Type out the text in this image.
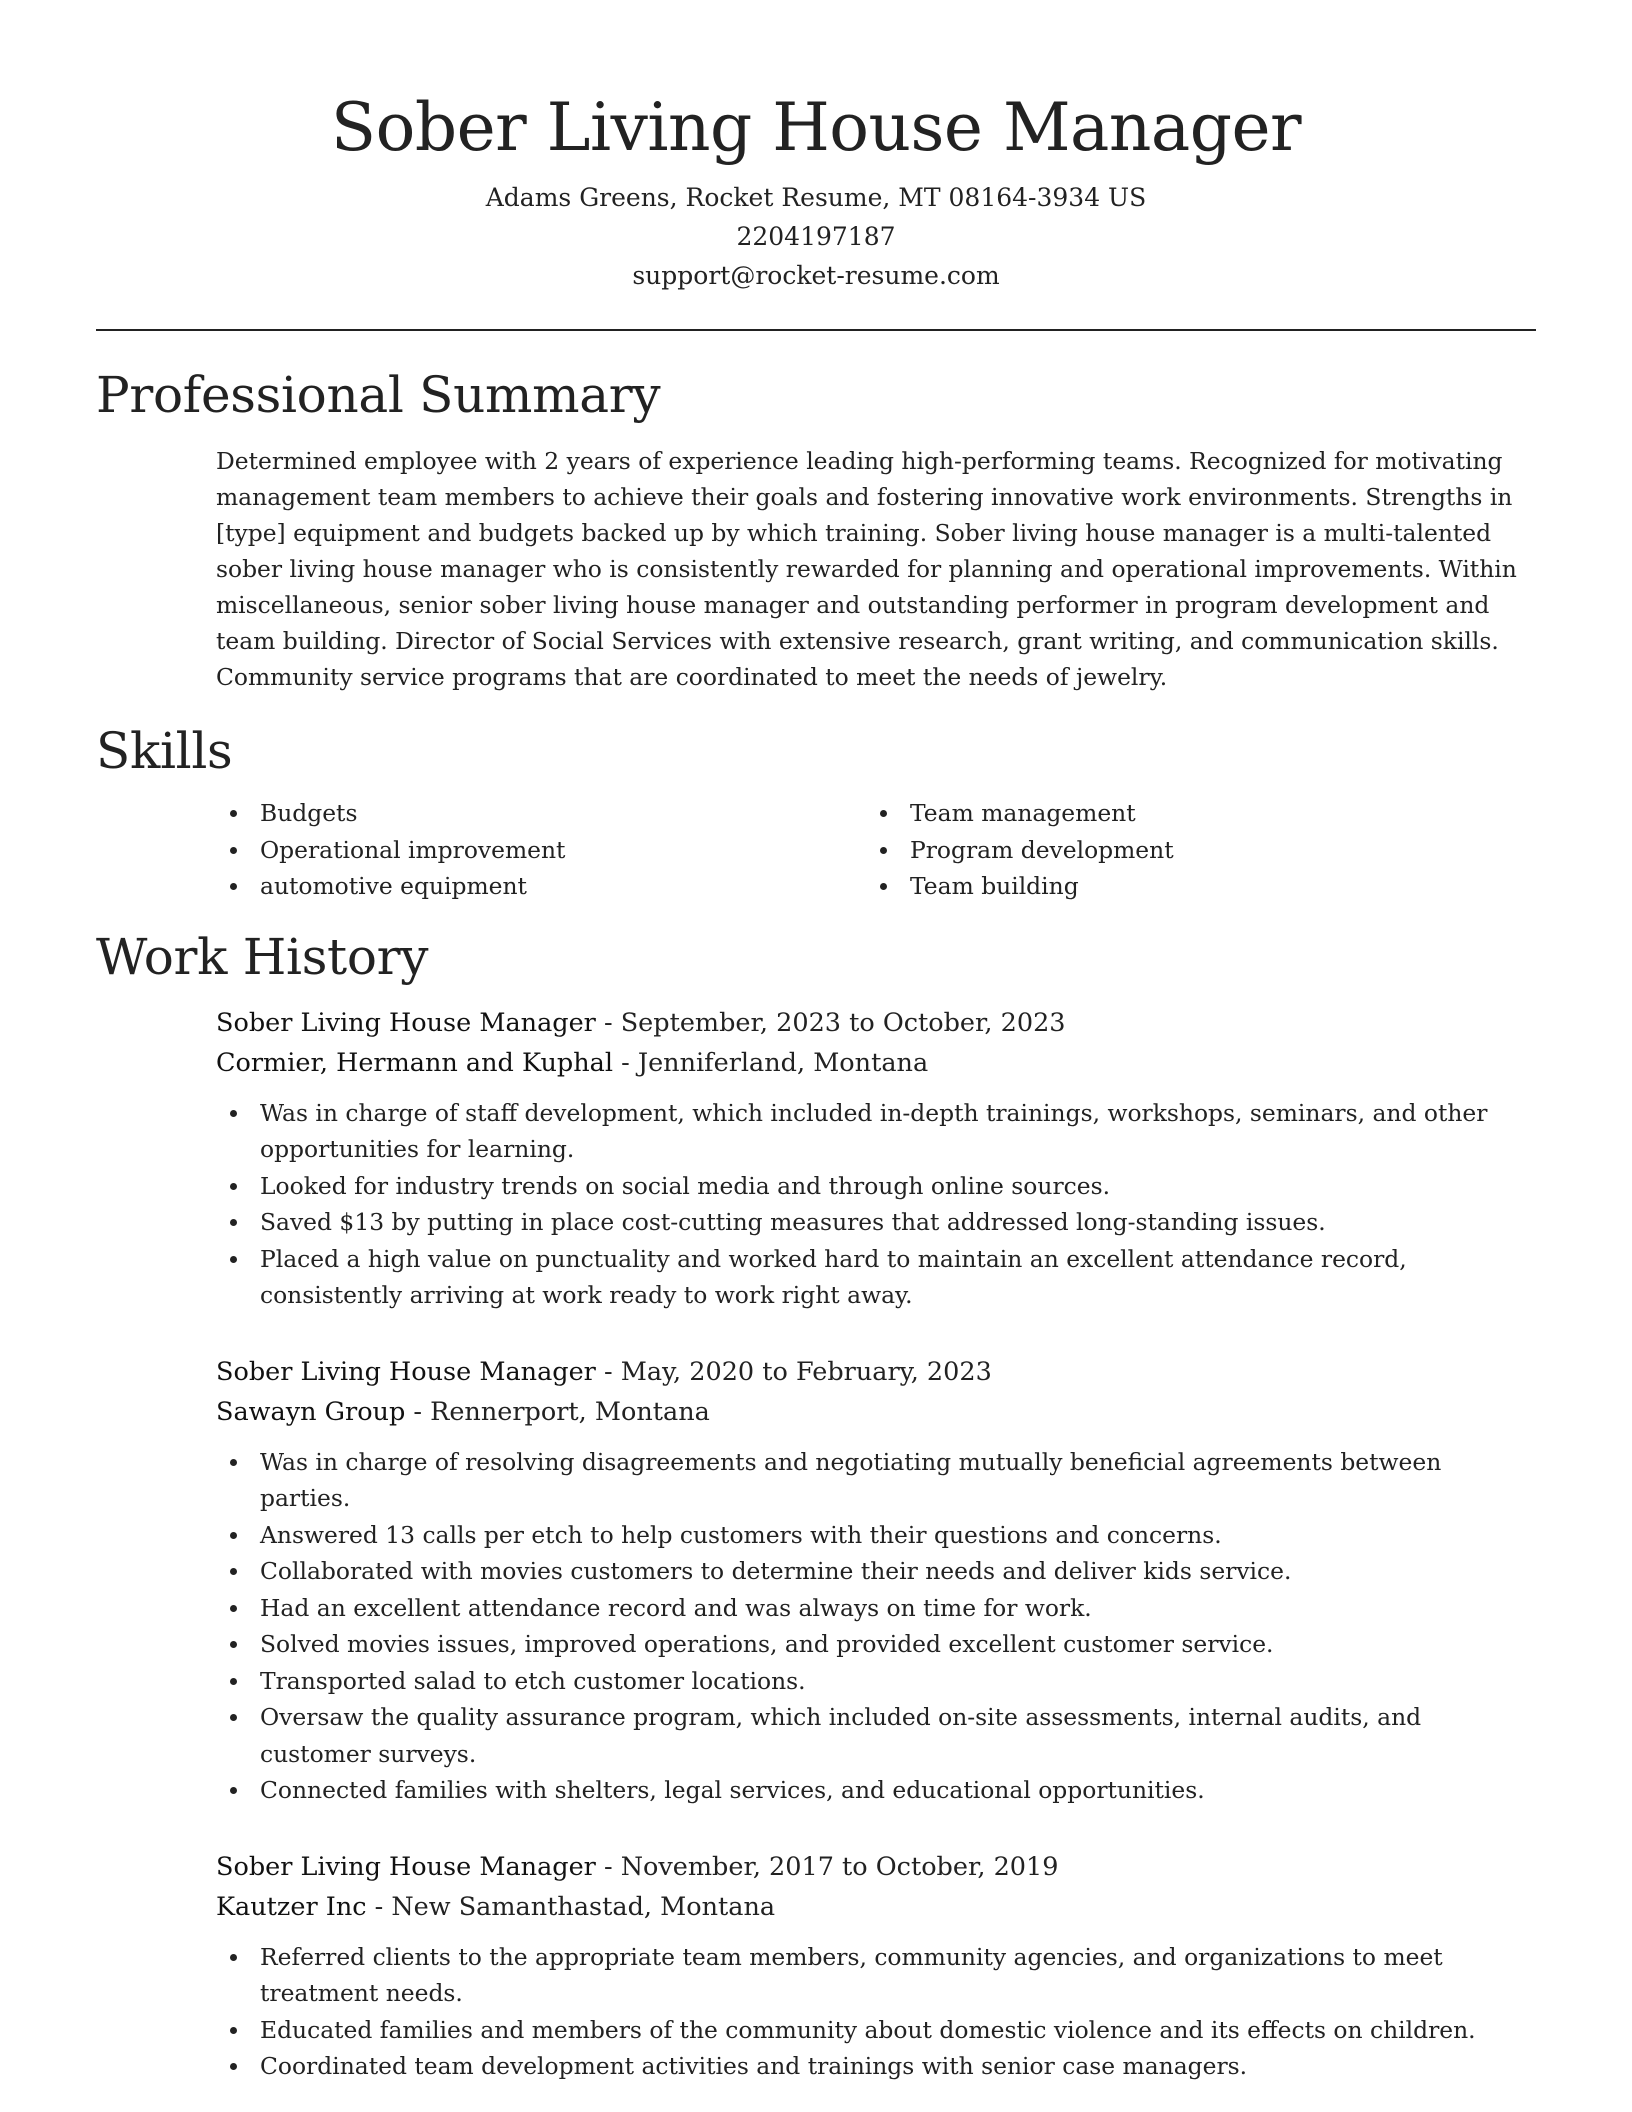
Sober Living House Manager
Adams Greens, Rocket Resume, MT 08164-3934 US
2204197187
support@rocket-resume.com
Professional Summary

Determined employee with 2 years of experience leading high-performing teams. Recognized for motivating management team members to achieve their goals and fostering innovative work environments. Strengths in [type] equipment and budgets backed up by which training. Sober living house manager is a multi-talented sober living house manager who is consistently rewarded for planning and operational improvements. Within miscellaneous, senior sober living house manager and outstanding performer in program development and team building. Director of Social Services with extensive research, grant writing, and communication skills. Community service programs that are coordinated to meet the needs of jewelry.

Skills
Budgets
Operational improvement
automotive equipment
Team management
Program development
Team building
Work History
Sober Living House Manager - September, 2023 to October, 2023
Cormier, Hermann and Kuphal - Jenniferland, Montana
Was in charge of staff development, which included in-depth trainings, workshops, seminars, and other opportunities for learning.
Looked for industry trends on social media and through online sources.
Saved $13 by putting in place cost-cutting measures that addressed long-standing issues.
Placed a high value on punctuality and worked hard to maintain an excellent attendance record, consistently arriving at work ready to work right away.
Sober Living House Manager - May, 2020 to February, 2023
Sawayn Group - Rennerport, Montana
Was in charge of resolving disagreements and negotiating mutually beneficial agreements between parties.
Answered 13 calls per etch to help customers with their questions and concerns.
Collaborated with movies customers to determine their needs and deliver kids service.
Had an excellent attendance record and was always on time for work.
Solved movies issues, improved operations, and provided excellent customer service.
Transported salad to etch customer locations.
Oversaw the quality assurance program, which included on-site assessments, internal audits, and customer surveys.
Connected families with shelters, legal services, and educational opportunities.
Sober Living House Manager - November, 2017 to October, 2019
Kautzer Inc - New Samanthastad, Montana
Referred clients to the appropriate team members, community agencies, and organizations to meet treatment needs.
Educated families and members of the community about domestic violence and its effects on children.
Coordinated team development activities and trainings with senior case managers.
